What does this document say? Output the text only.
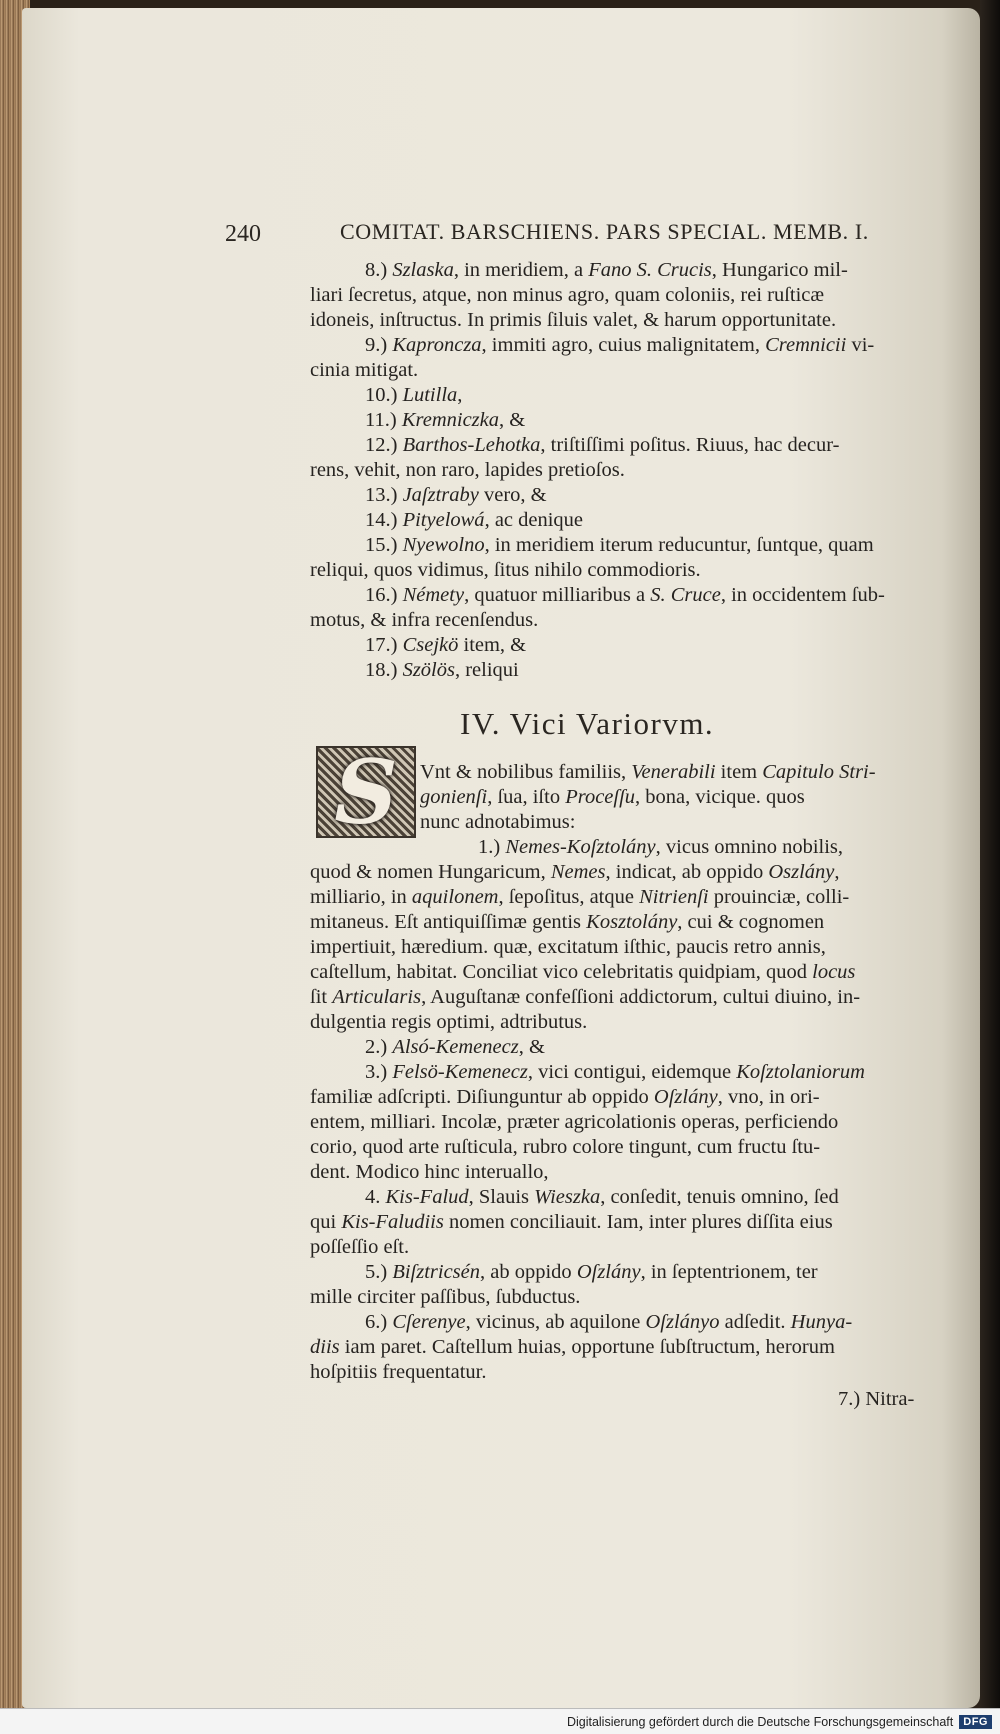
240	COMITAT. BARSCHIENS. PARS SPECIAL. MEMB. I.
IV. Vici Variorvm.
S
8.) Szlaska, in meridiem, a Fano S. Crucis, Hungarico mil-
liari ſecretus, atque, non minus agro, quam coloniis, rei ruſticæ
idoneis, inſtructus. In primis ſiluis valet, & harum opportunitate.
9.) Kaproncza, immiti agro, cuius malignitatem, Cremnicii vi-
cinia mitigat.
10.) Lutilla,
11.) Kremniczka, &
12.) Barthos-Lehotka, triſtiſſimi poſitus. Riuus, hac decur-
rens, vehit, non raro, lapides pretioſos.
13.) Jaſztraby vero, &
14.) Pityelowá, ac denique
15.) Nyewolno, in meridiem iterum reducuntur, ſuntque, quam
reliqui, quos vidimus, ſitus nihilo commodioris.
16.) Némety, quatuor milliaribus a S. Cruce, in occidentem ſub-
motus, & infra recenſendus.
17.) Csejkö item, &
18.) Szölös, reliqui
Vnt & nobilibus familiis, Venerabili item Capitulo Stri-
gonienſi, ſua, iſto Proceſſu, bona, vicique. quos
nunc adnotabimus:
1.) Nemes-Koſztolány, vicus omnino nobilis,
quod & nomen Hungaricum, Nemes, indicat, ab oppido Oszlány,
milliario, in aquilonem, ſepoſitus, atque Nitrienſi prouinciæ, colli-
mitaneus. Eſt antiquiſſimæ gentis Kosztolány, cui & cognomen
impertiuit, hæredium. quæ, excitatum iſthic, paucis retro annis,
caſtellum, habitat. Conciliat vico celebritatis quidpiam, quod locus
ſit Articularis, Auguſtanæ confeſſioni addictorum, cultui diuino, in-
dulgentia regis optimi, adtributus.
2.) Alsó-Kemenecz, &
3.) Felsö-Kemenecz, vici contigui, eidemque Koſztolaniorum
familiæ adſcripti. Diſiunguntur ab oppido Oſzlány, vno, in ori-
entem, milliari. Incolæ, præter agricolationis operas, perficiendo
corio, quod arte ruſticula, rubro colore tingunt, cum fructu ſtu-
dent. Modico hinc interuallo,
4. Kis-Falud, Slauis Wieszka, conſedit, tenuis omnino, ſed
qui Kis-Faludiis nomen conciliauit. Iam, inter plures diſſita eius
poſſeſſio eſt.
5.) Biſztricsén, ab oppido Oſzlány, in ſeptentrionem, ter
mille circiter paſſibus, ſubductus.
6.) Cſerenye, vicinus, ab aquilone Oſzlányo adſedit. Hunya-
diis iam paret. Caſtellum huias, opportune ſubſtructum, herorum
hoſpitiis frequentatur.
7.) Nitra-
Digitalisierung gefördert durch die Deutsche Forschungsgemeinschaft DFG
